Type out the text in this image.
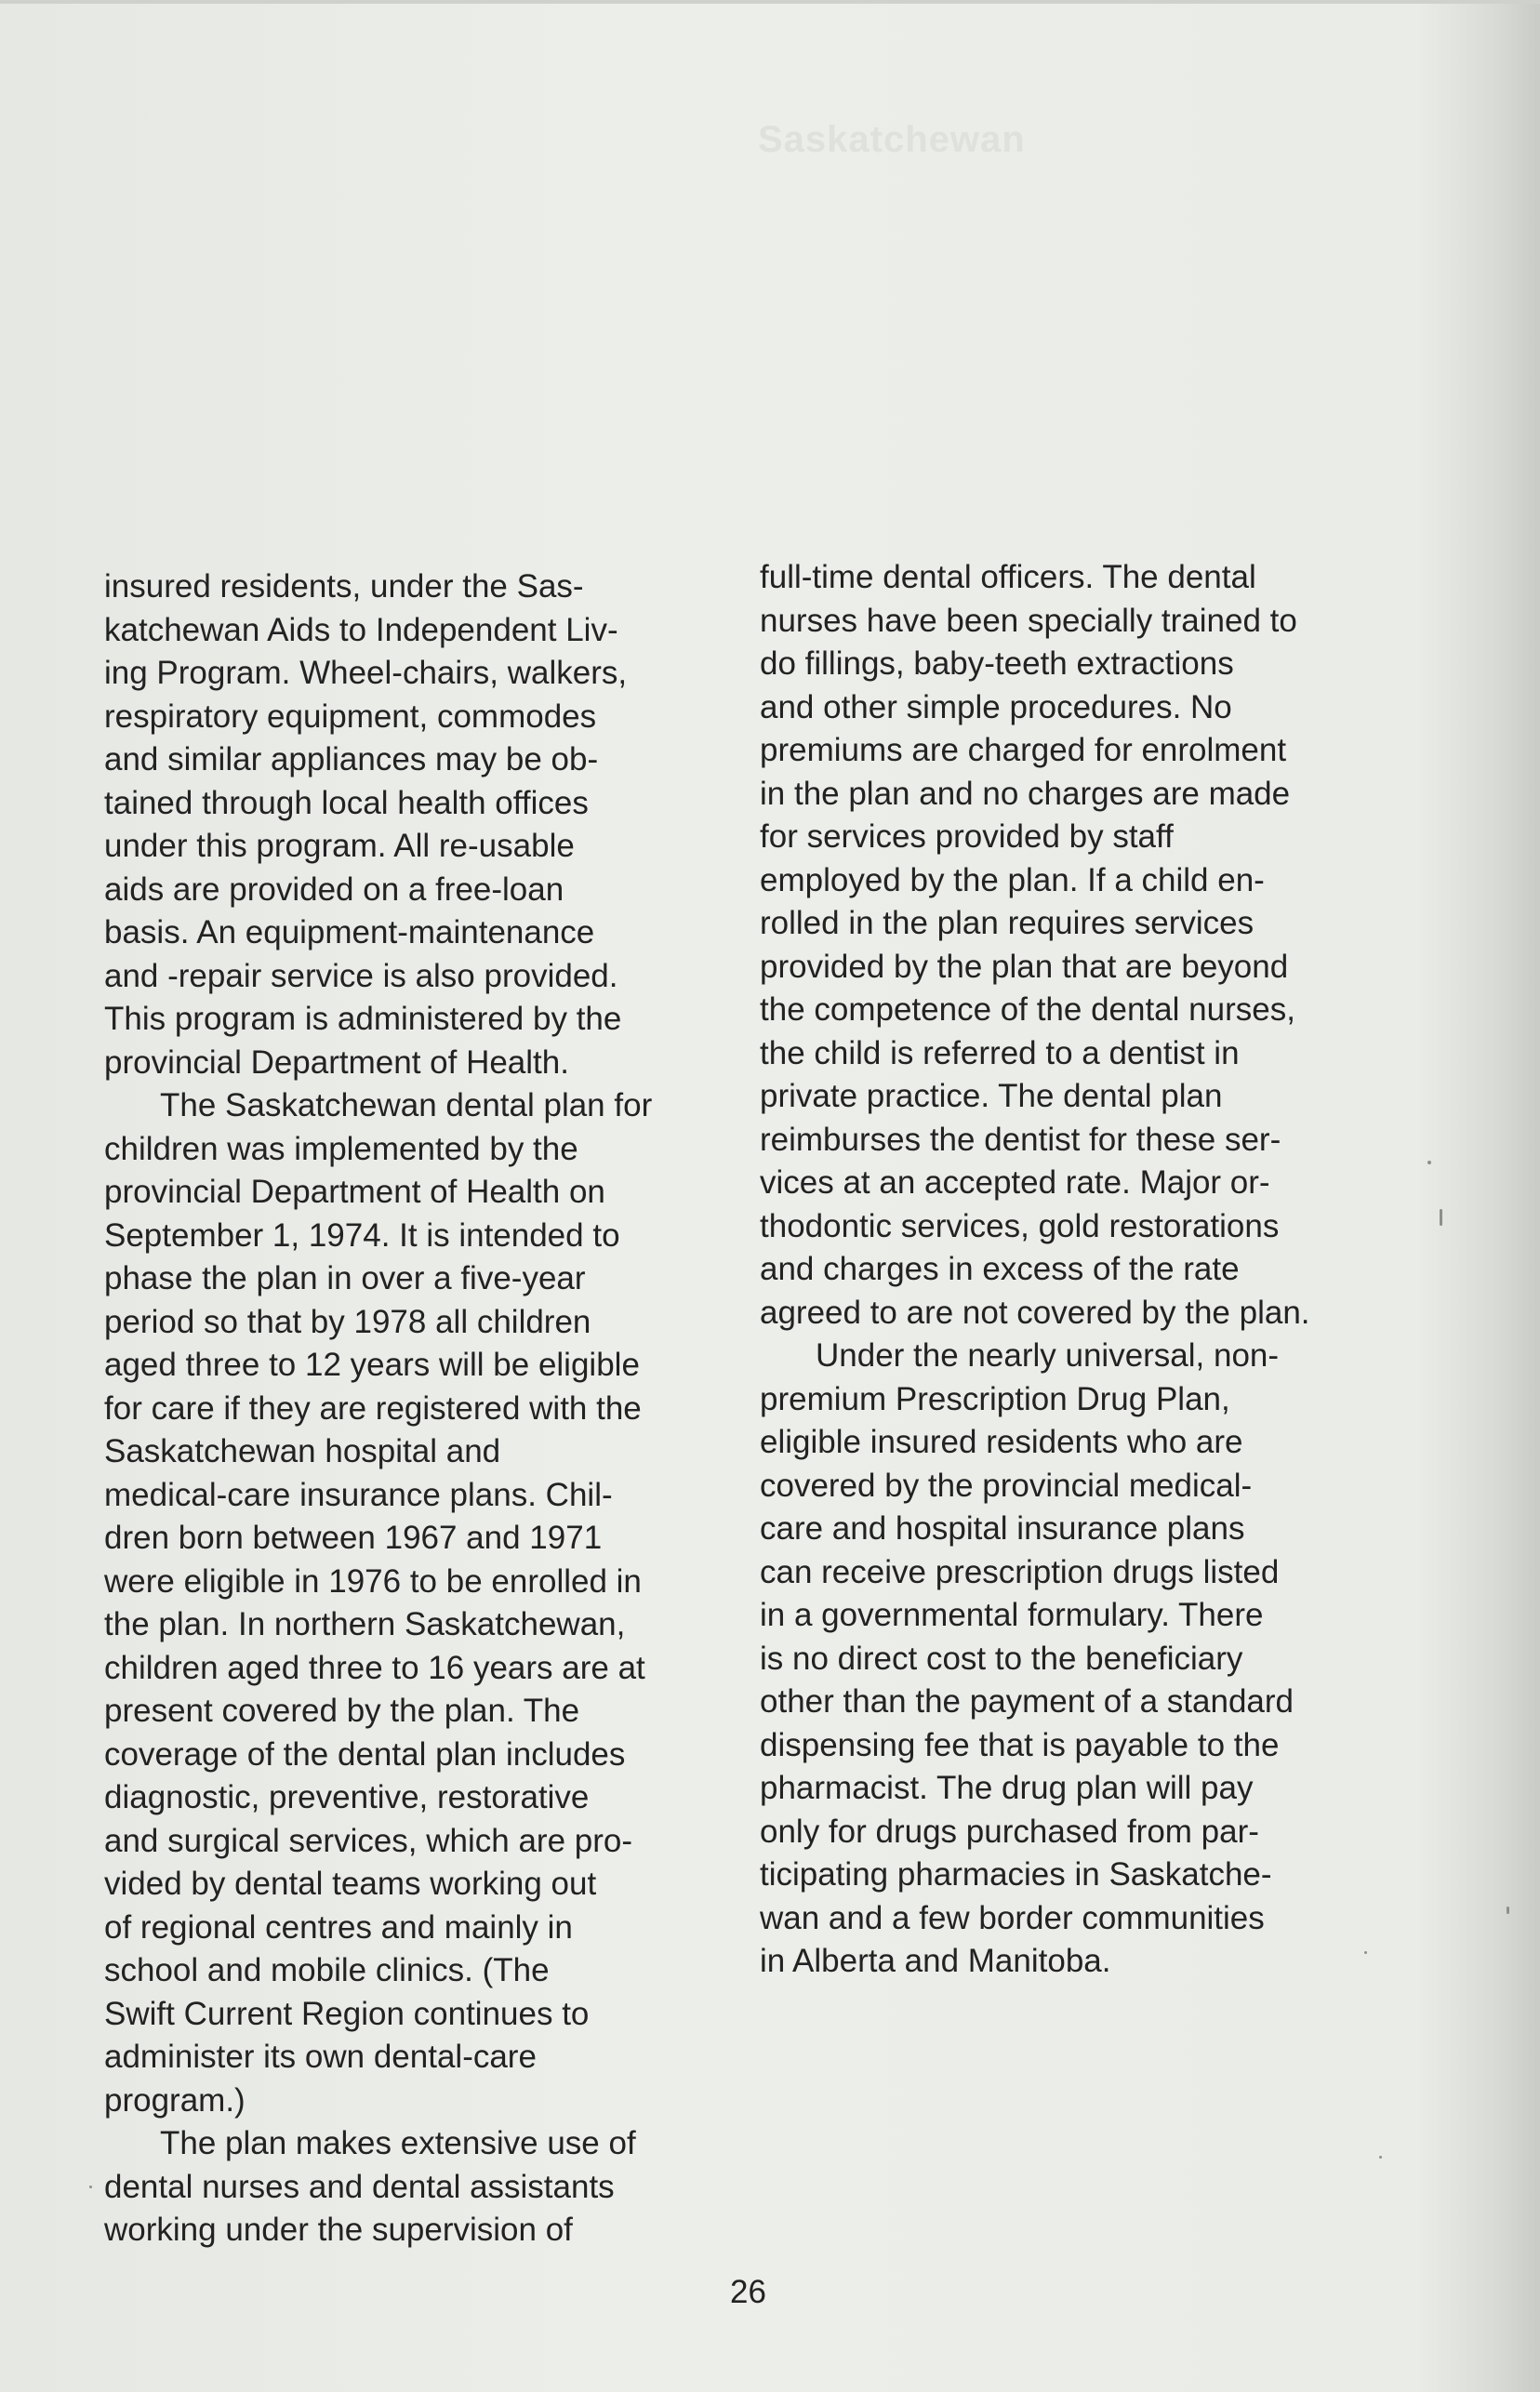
Saskatchewan
insured residents, under the Sas-
katchewan Aids to Independent Liv-
ing Program. Wheel-chairs, walkers,
respiratory equipment, commodes
and similar appliances may be ob-
tained through local health offices
under this program. All re-usable
aids are provided on a free-loan
basis. An equipment-maintenance
and -repair service is also provided.
This program is administered by the
provincial Department of Health.
The Saskatchewan dental plan for
children was implemented by the
provincial Department of Health on
September 1, 1974. It is intended to
phase the plan in over a five-year
period so that by 1978 all children
aged three to 12 years will be eligible
for care if they are registered with the
Saskatchewan hospital and
medical-care insurance plans. Chil-
dren born between 1967 and 1971
were eligible in 1976 to be enrolled in
the plan. In northern Saskatchewan,
children aged three to 16 years are at
present covered by the plan. The
coverage of the dental plan includes
diagnostic, preventive, restorative
and surgical services, which are pro-
vided by dental teams working out
of regional centres and mainly in
school and mobile clinics. (The
Swift Current Region continues to
administer its own dental-care
program.)
The plan makes extensive use of
dental nurses and dental assistants
working under the supervision of
full-time dental officers. The dental
nurses have been specially trained to
do fillings, baby-teeth extractions
and other simple procedures. No
premiums are charged for enrolment
in the plan and no charges are made
for services provided by staff
employed by the plan. If a child en-
rolled in the plan requires services
provided by the plan that are beyond
the competence of the dental nurses,
the child is referred to a dentist in
private practice. The dental plan
reimburses the dentist for these ser-
vices at an accepted rate. Major or-
thodontic services, gold restorations
and charges in excess of the rate
agreed to are not covered by the plan.
Under the nearly universal, non-
premium Prescription Drug Plan,
eligible insured residents who are
covered by the provincial medical-
care and hospital insurance plans
can receive prescription drugs listed
in a governmental formulary. There
is no direct cost to the beneficiary
other than the payment of a standard
dispensing fee that is payable to the
pharmacist. The drug plan will pay
only for drugs purchased from par-
ticipating pharmacies in Saskatche-
wan and a few border communities
in Alberta and Manitoba.
26
